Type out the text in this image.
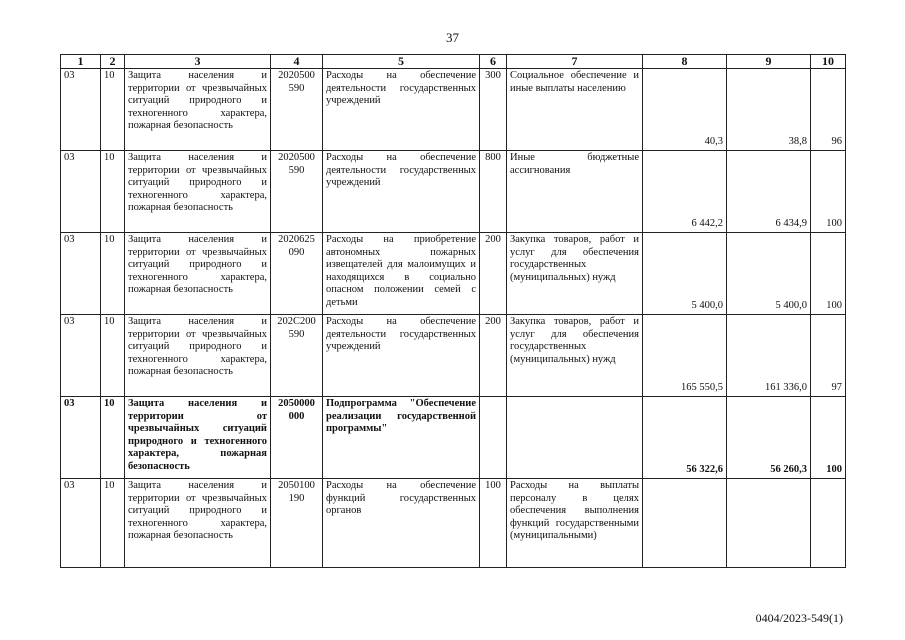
37
1	2	3	4	5	6	7	8	9	10
03	10	Защита населения и территории от чрезвычайных ситуаций природного и техногенного характера, пожарная безопасность	2020500 590	Расходы на обеспечение деятельности государственных учреждений	300	Социальное обеспечение и иные выплаты населению	40,3	38,8	96
03	10	Защита населения и территории от чрезвычайных ситуаций природного и техногенного характера, пожарная безопасность	2020500 590	Расходы на обеспечение деятельности государственных учреждений	800	Иные бюджетные ассигнования	6 442,2	6 434,9	100
03	10	Защита населения и территории от чрезвычайных ситуаций природного и техногенного характера, пожарная безопасность	2020625 090	Расходы на приобретение автономных пожарных извещателей для малоимущих и находящихся в социально опасном положении семей с детьми	200	Закупка товаров, работ и услуг для обеспечения государственных (муниципальных) нужд	5 400,0	5 400,0	100
03	10	Защита населения и территории от чрезвычайных ситуаций природного и техногенного характера, пожарная безопасность	202С200 590	Расходы на обеспечение деятельности государственных учреждений	200	Закупка товаров, работ и услуг для обеспечения государственных (муниципальных) нужд	165 550,5	161 336,0	97
03	10	Защита населения и территории от чрезвычайных ситуаций природного и техногенного характера, пожарная безопасность	2050000 000	Подпрограмма "Обеспечение реализации государственной программы"			56 322,6	56 260,3	100
03	10	Защита населения и территории от чрезвычайных ситуаций природного и техногенного характера, пожарная безопасность	2050100 190	Расходы на обеспечение функций государственных органов	100	Расходы на выплаты персоналу в целях обеспечения выполнения функций государственными (муниципальными)			
0404/2023-549(1)
